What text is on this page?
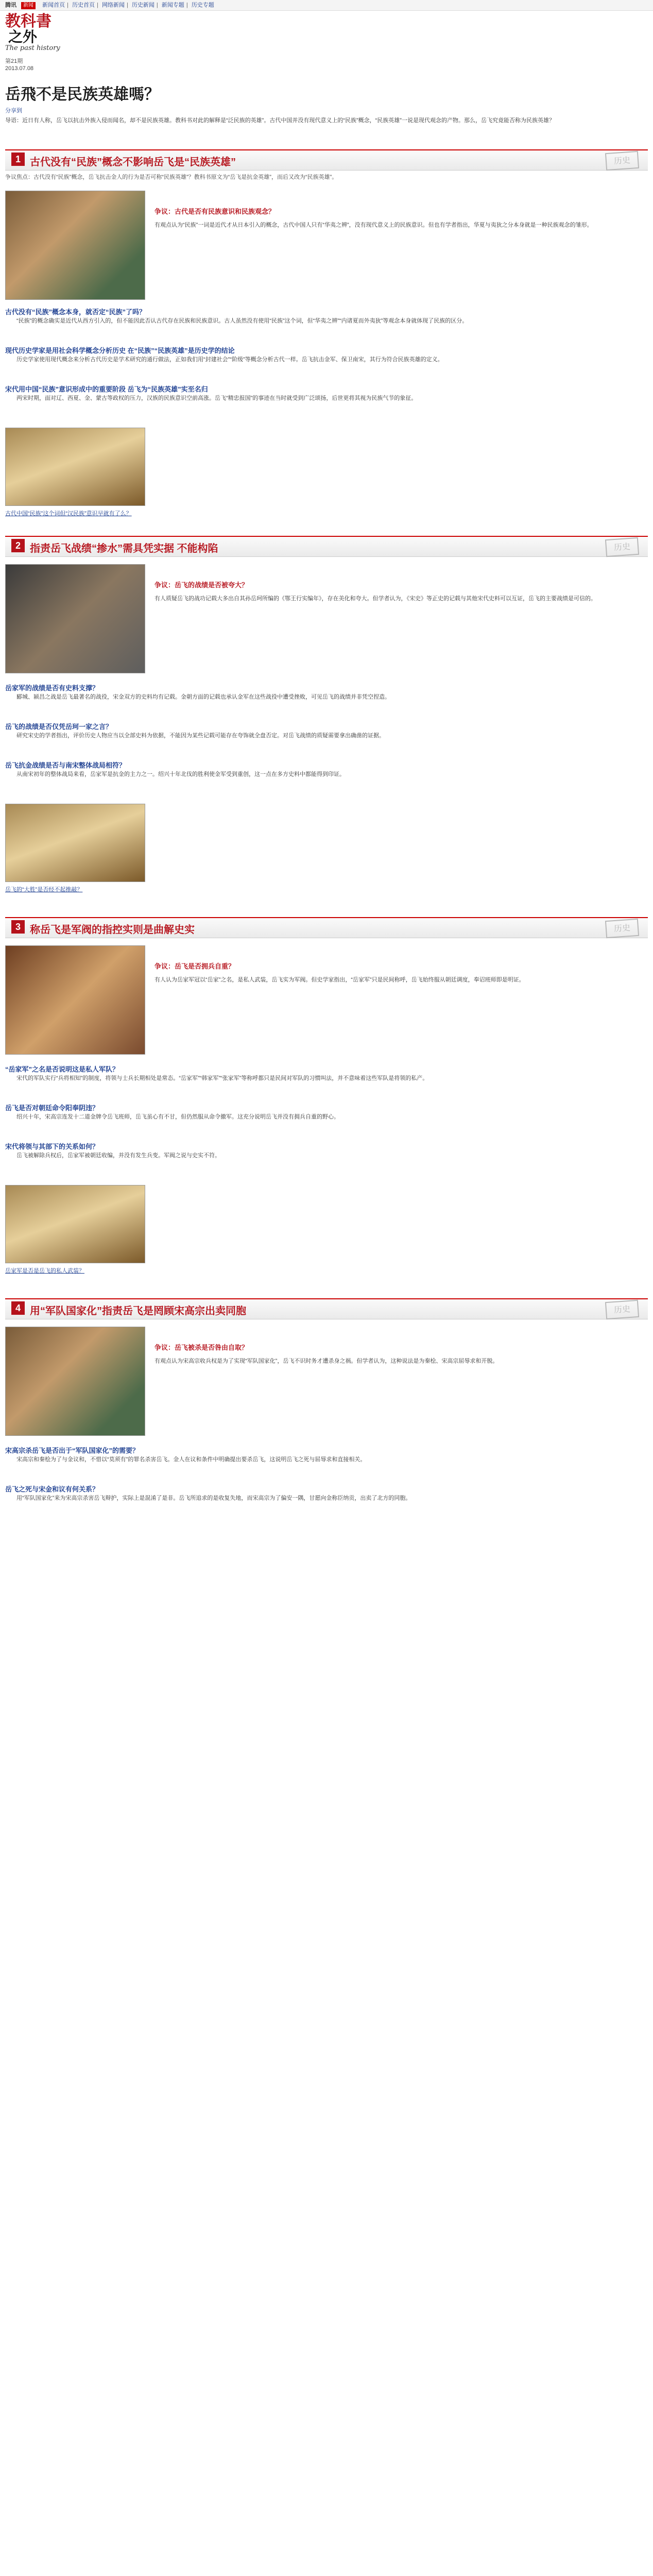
腾讯 新闻 新闻首页 | 历史首页 | 网络新闻 | 历史新闻 | 新闻专题 | 历史专题
教科書
之外
The past history
第21期
2013.07.08
岳飛不是民族英雄嗎？
分享到
导语：近日有人称，岳飞以抗击外族入侵而闻名，却不是民族英雄。教科书对此的解释是“泛民族的英雄”。古代中国并没有现代意义上的“民族”概念，“民族英雄”一说是现代观念的产物。那么，岳飞究竟能否称为民族英雄？
1 古代没有“民族”概念不影响岳飞是“民族英雄”	历史
争议焦点：古代没有“民族”概念，岳飞抗击金人的行为是否可称“民族英雄”？教科书原文为“岳飞是抗金英雄”，而后又改为“民族英雄”。
争议：古代是否有民族意识和民族观念？
有观点认为“民族”一词是近代才从日本引入的概念，古代中国人只有“华夷之辨”，没有现代意义上的民族意识。但也有学者指出，华夏与夷狄之分本身就是一种民族观念的雏形。
古代没有“民族”概念本身，就否定“民族”了吗？
“民族”的概念确实是近代从西方引入的，但不能因此否认古代存在民族和民族意识。古人虽然没有使用“民族”这个词，但“华夷之辨”“内诸夏而外夷狄”等观念本身就体现了民族的区分。
现代历史学家是用社会科学概念分析历史 在“民族”“民族英雄”是历史学的结论
历史学家使用现代概念来分析古代历史是学术研究的通行做法，正如我们用“封建社会”“阶级”等概念分析古代一样。岳飞抗击金军、保卫南宋，其行为符合民族英雄的定义。
宋代用中国“民族”意识形成中的重要阶段 岳飞为“民族英雄”实至名归
两宋时期，面对辽、西夏、金、蒙古等政权的压力，汉族的民族意识空前高涨。岳飞“精忠报国”的事迹在当时就受到广泛颂扬，后世更将其视为民族气节的象征。
古代中国“民族”这个词但“汉民族”意识早就有了么？
2 指责岳飞战绩“掺水”需具凭实据 不能构陷	历史
争议：岳飞的战绩是否被夸大？
有人质疑岳飞的战功记载大多出自其孙岳珂所编的《鄂王行实编年》，存在美化和夸大。但学者认为，《宋史》等正史的记载与其他宋代史料可以互证，岳飞的主要战绩是可信的。
岳家军的战绩是否有史料支撑？
郾城、颍昌之战是岳飞最著名的战役，宋金双方的史料均有记载。金朝方面的记载也承认金军在这些战役中遭受挫败，可见岳飞的战绩并非凭空捏造。
岳飞的战绩是否仅凭岳珂一家之言？
研究宋史的学者指出，评价历史人物应当以全部史料为依据，不能因为某些记载可能存在夸饰就全盘否定。对岳飞战绩的质疑需要拿出确凿的证据。
岳飞抗金战绩是否与南宋整体战局相符？
从南宋初年的整体战局来看，岳家军是抗金的主力之一。绍兴十年北伐的胜利使金军受到重创，这一点在多方史料中都能得到印证。
岳飞的“大胜”是否经不起推敲？
3 称岳飞是军阀的指控实则是曲解史实	历史
争议：岳飞是否拥兵自重？
有人认为岳家军冠以“岳家”之名，是私人武装，岳飞实为军阀。但史学家指出，“岳家军”只是民间称呼，岳飞始终服从朝廷调度，奉诏班师即是明证。
“岳家军”之名是否说明这是私人军队？
宋代的军队实行“兵将相知”的制度，将领与士兵长期相处是常态。“岳家军”“韩家军”“张家军”等称呼都只是民间对军队的习惯叫法，并不意味着这些军队是将领的私产。
岳飞是否对朝廷命令阳奉阴违？
绍兴十年，宋高宗连发十二道金牌令岳飞班师，岳飞虽心有不甘，但仍然服从命令撤军。这充分说明岳飞并没有拥兵自重的野心。
宋代将领与其部下的关系如何？
岳飞被解除兵权后，岳家军被朝廷收编，并没有发生兵变。军阀之说与史实不符。
岳家军是否是岳飞的私人武装？
4 用“军队国家化”指责岳飞是罔顾宋高宗出卖同胞	历史
争议：岳飞被杀是否咎由自取？
有观点认为宋高宗收兵权是为了实现“军队国家化”，岳飞不识时务才遭杀身之祸。但学者认为，这种说法是为秦桧、宋高宗屈辱求和开脱。
宋高宗杀岳飞是否出于“军队国家化”的需要？
宋高宗和秦桧为了与金议和，不惜以“莫须有”的罪名杀害岳飞。金人在议和条件中明确提出要杀岳飞，这说明岳飞之死与屈辱求和直接相关。
岳飞之死与宋金和议有何关系？
用“军队国家化”来为宋高宗杀害岳飞辩护，实际上是混淆了是非。岳飞所追求的是收复失地，而宋高宗为了偏安一隅，甘愿向金称臣纳贡，出卖了北方的同胞。
